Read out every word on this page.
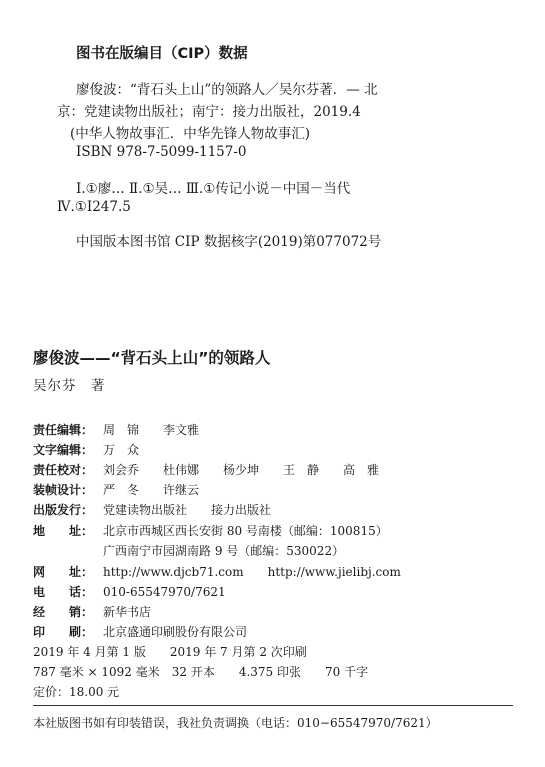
图书在版编目（CIP）数据
廖俊波：“背石头上山”的领路人／吴尔芬著．— 北
京：党建读物出版社；南宁：接力出版社，2019.4
(中华人物故事汇．中华先锋人物故事汇)
ISBN 978-7-5099-1157-0
Ⅰ.①廖… Ⅱ.①吴… Ⅲ.①传记小说－中国－当代
Ⅳ.①I247.5
中国版本图书馆 CIP 数据核字(2019)第077072号
廖俊波——“背石头上山”的领路人
吴尔芬　著
责任编辑： 周　锦　　李文雅
文字编辑： 万　众
责任校对： 刘会乔　　杜伟娜　　杨少坤　　王　静　　高　雅
装帧设计： 严　冬　　许继云
出版发行： 党建读物出版社　　接力出版社
地　　址： 北京市西城区西长安街 80 号南楼（邮编：100815）
广西南宁市园湖南路 9 号（邮编：530022）
网　　址： http://www.djcb71.com　　http://www.jielibj.com
电　　话： 010-65547970/7621
经　　销： 新华书店
印　　刷： 北京盛通印刷股份有限公司
2019 年 4 月第 1 版　　2019 年 7 月第 2 次印刷
787 毫米 × 1092 毫米　32 开本　　4.375 印张　　70 千字
定价：18.00 元
本社版图书如有印装错误，我社负责调换（电话：010−65547970/7621）
